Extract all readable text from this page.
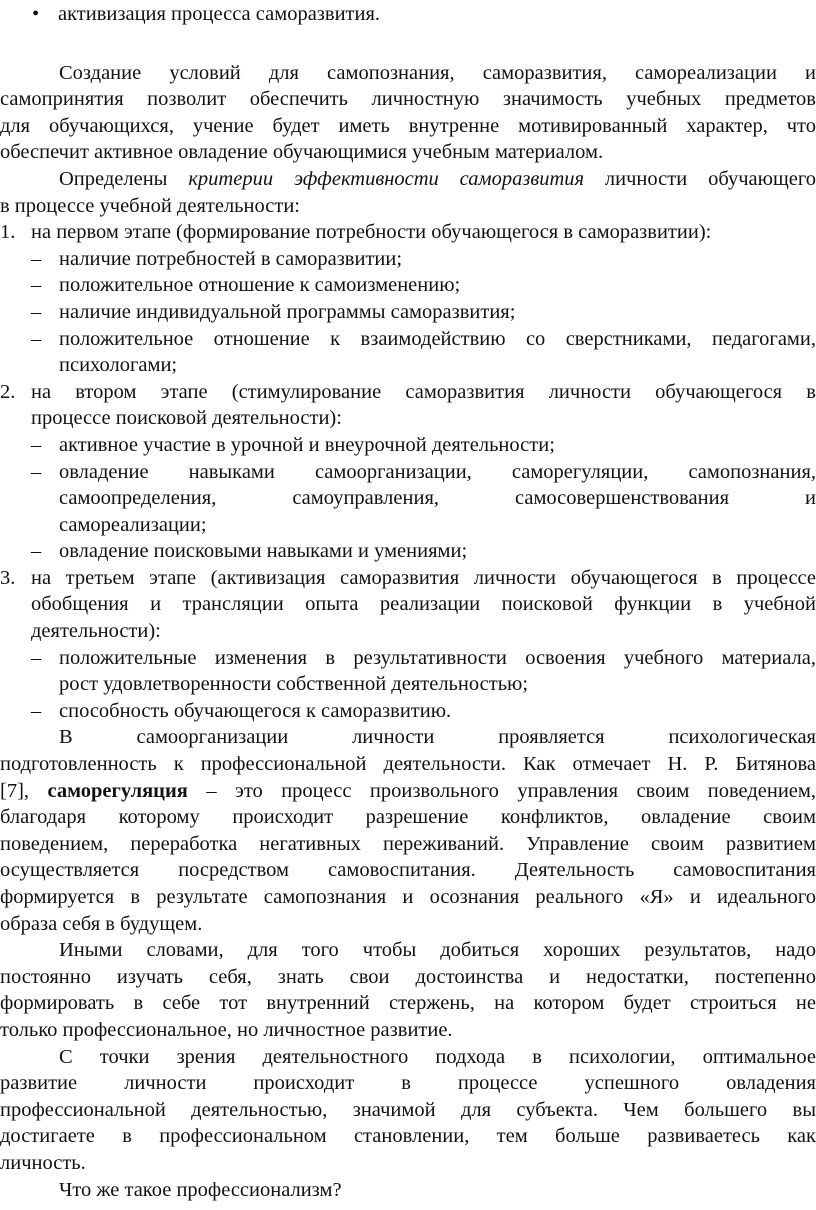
• активизация процесса саморазвития.
Создание условий для самопознания, саморазвития, самореализации и
самопринятия позволит обеспечить личностную значимость учебных предметов
для обучающихся, учение будет иметь внутренне мотивированный характер, что
обеспечит активное овладение обучающимися учебным материалом.
Определены критерии эффективности саморазвития личности обучающего
в процессе учебной деятельности:
1. на первом этапе (формирование потребности обучающегося в саморазвитии):
– наличие потребностей в саморазвитии;
– положительное отношение к самоизменению;
– наличие индивидуальной программы саморазвития;
– положительное отношение к взаимодействию со сверстниками, педагогами,
психологами;
2. на втором этапе (стимулирование саморазвития личности обучающегося в
процессе поисковой деятельности):
– активное участие в урочной и внеурочной деятельности;
– овладение навыками самоорганизации, саморегуляции, самопознания,
самоопределения, самоуправления, самосовершенствования и
самореализации;
– овладение поисковыми навыками и умениями;
3. на третьем этапе (активизация саморазвития личности обучающегося в процессе
обобщения и трансляции опыта реализации поисковой функции в учебной
деятельности):
– положительные изменения в результативности освоения учебного материала,
рост удовлетворенности собственной деятельностью;
– способность обучающегося к саморазвитию.
В самоорганизации личности проявляется психологическая
подготовленность к профессиональной деятельности. Как отмечает Н. Р. Битянова
[7], саморегуляция – это процесс произвольного управления своим поведением,
благодаря которому происходит разрешение конфликтов, овладение своим
поведением, переработка негативных переживаний. Управление своим развитием
осуществляется посредством самовоспитания. Деятельность самовоспитания
формируется в результате самопознания и осознания реального «Я» и идеального
образа себя в будущем.
Иными словами, для того чтобы добиться хороших результатов, надо
постоянно изучать себя, знать свои достоинства и недостатки, постепенно
формировать в себе тот внутренний стержень, на котором будет строиться не
только профессиональное, но личностное развитие.
С точки зрения деятельностного подхода в психологии, оптимальное
развитие личности происходит в процессе успешного овладения
профессиональной деятельностью, значимой для субъекта. Чем большего вы
достигаете в профессиональном становлении, тем больше развиваетесь как
личность.
Что же такое профессионализм?
